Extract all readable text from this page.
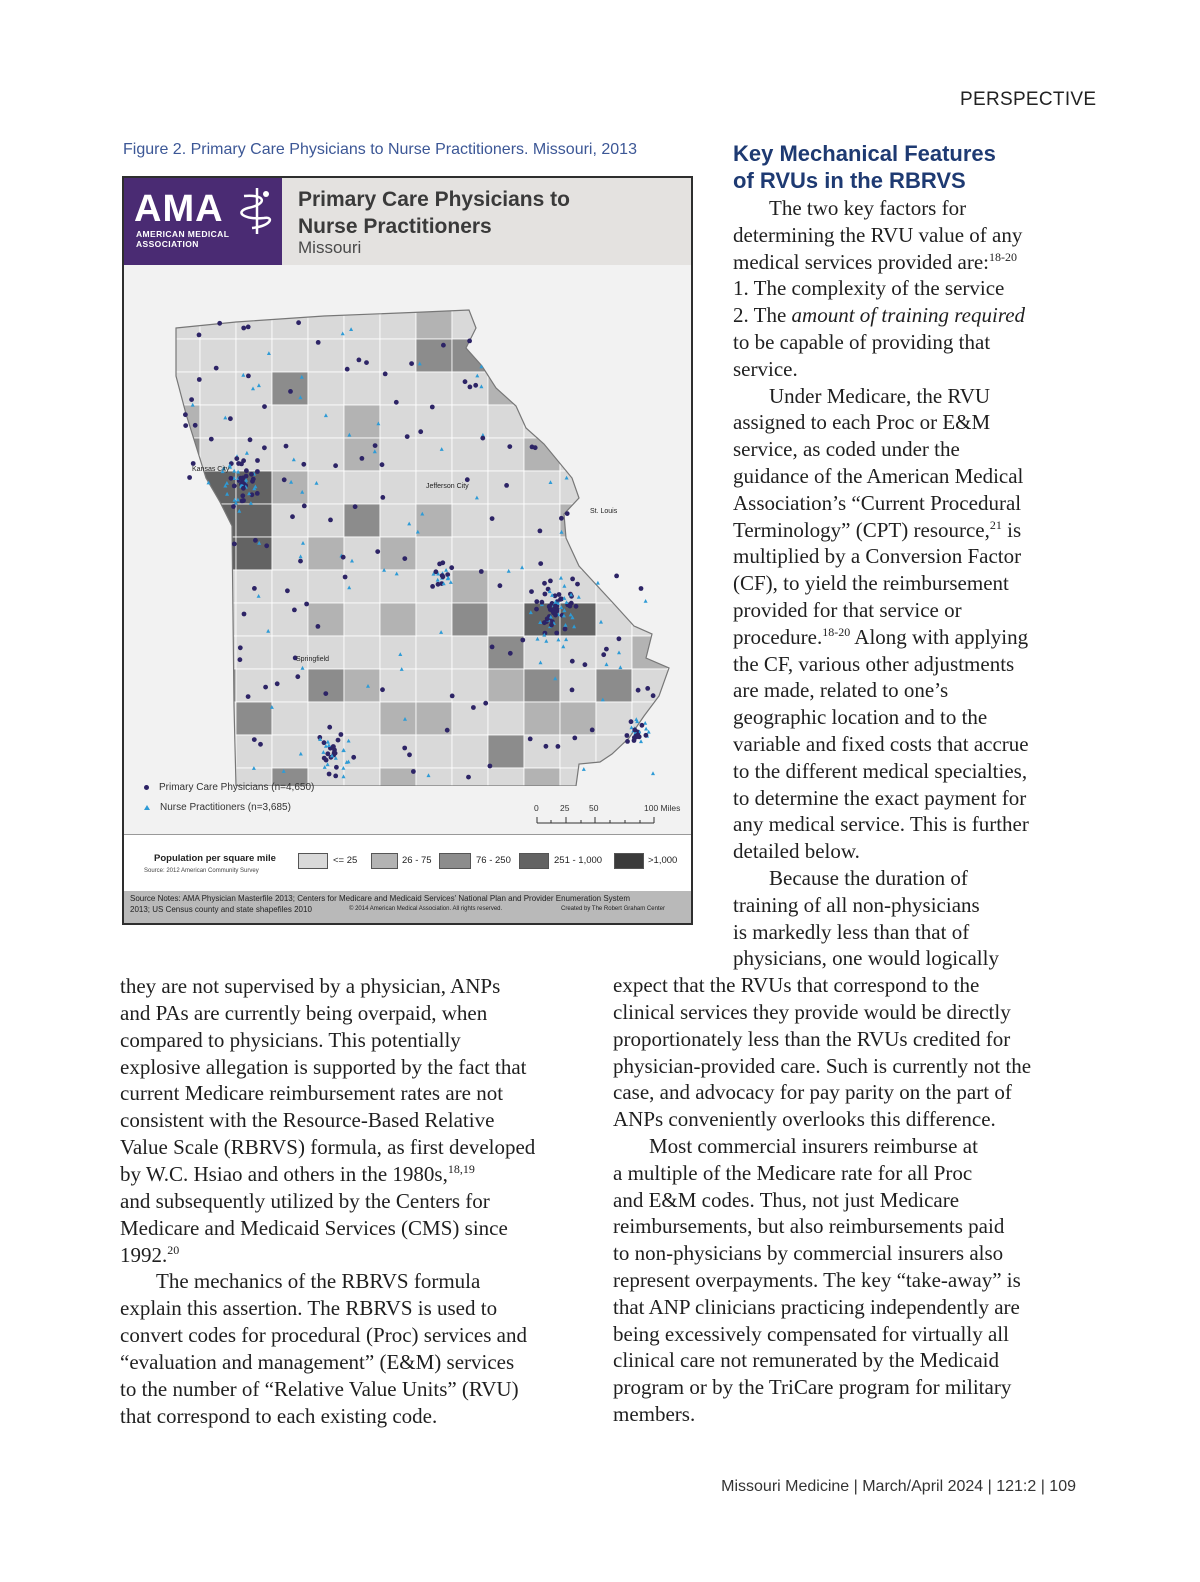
PERSPECTIVE
Figure 2. Primary Care Physicians to Nurse Practitioners. Missouri, 2013
AMA
AMERICAN MEDICAL
ASSOCIATION
Primary Care Physicians to
Nurse Practitioners
Missouri
Kansas City
Jefferson City
St. Louis
Springfield
Primary Care Physicians (n=4,650)
Nurse Practitioners (n=3,685)	0	25 50	100 Miles
Population per square mile
Source: 2012 American Community Survey
<= 25	26 - 75	76 - 250	251 - 1,000	>1,000
Source Notes: AMA Physician Masterfile 2013; Centers for Medicare and Medicaid Services' National Plan and Provider Enumeration System
2013; US Census county and state shapefiles 2010	© 2014 American Medical Association. All rights reserved.	Created by The Robert Graham Center
Key Mechanical Features
of RVUs in the RBRVS
The two key factors for
determining the RVU value of any
medical services provided are:$^{18-20}$
1. The complexity of the service
2. The amount of training required
to be capable of providing that
service.
Under Medicare, the RVU
assigned to each Proc or E&M
service, as coded under the
guidance of the American Medical
Association’s “Current Procedural
Terminology” (CPT) resource,$^{21}$ is
multiplied by a Conversion Factor
(CF), to yield the reimbursement
provided for that service or
procedure.$^{18-20}$ Along with applying
the CF, various other adjustments
are made, related to one’s
geographic location and to the
variable and fixed costs that accrue
to the different medical specialties,
to determine the exact payment for
any medical service. This is further
detailed below.
Because the duration of
training of all non-physicians
is markedly less than that of
physicians, one would logically
expect that the RVUs that correspond to the
clinical services they provide would be directly
proportionately less than the RVUs credited for
physician-provided care. Such is currently not the
case, and advocacy for pay parity on the part of
ANPs conveniently overlooks this difference.
Most commercial insurers reimburse at
a multiple of the Medicare rate for all Proc
and E&M codes. Thus, not just Medicare
reimbursements, but also reimbursements paid
to non-physicians by commercial insurers also
represent overpayments. The key “take-away” is
that ANP clinicians practicing independently are
being excessively compensated for virtually all
clinical care not remunerated by the Medicaid
program or by the TriCare program for military
members.
they are not supervised by a physician, ANPs
and PAs are currently being overpaid, when
compared to physicians. This potentially
explosive allegation is supported by the fact that
current Medicare reimbursement rates are not
consistent with the Resource-Based Relative
Value Scale (RBRVS) formula, as first developed
by W.C. Hsiao and others in the 1980s,$^{18,19}$
and subsequently utilized by the Centers for
Medicare and Medicaid Services (CMS) since
1992.20
The mechanics of the RBRVS formula
explain this assertion. The RBRVS is used to
convert codes for procedural (Proc) services and
“evaluation and management” (E&M) services
to the number of “Relative Value Units” (RVU)
that correspond to each existing code.
Missouri Medicine | March/April 2024 | 121:2 | 109
